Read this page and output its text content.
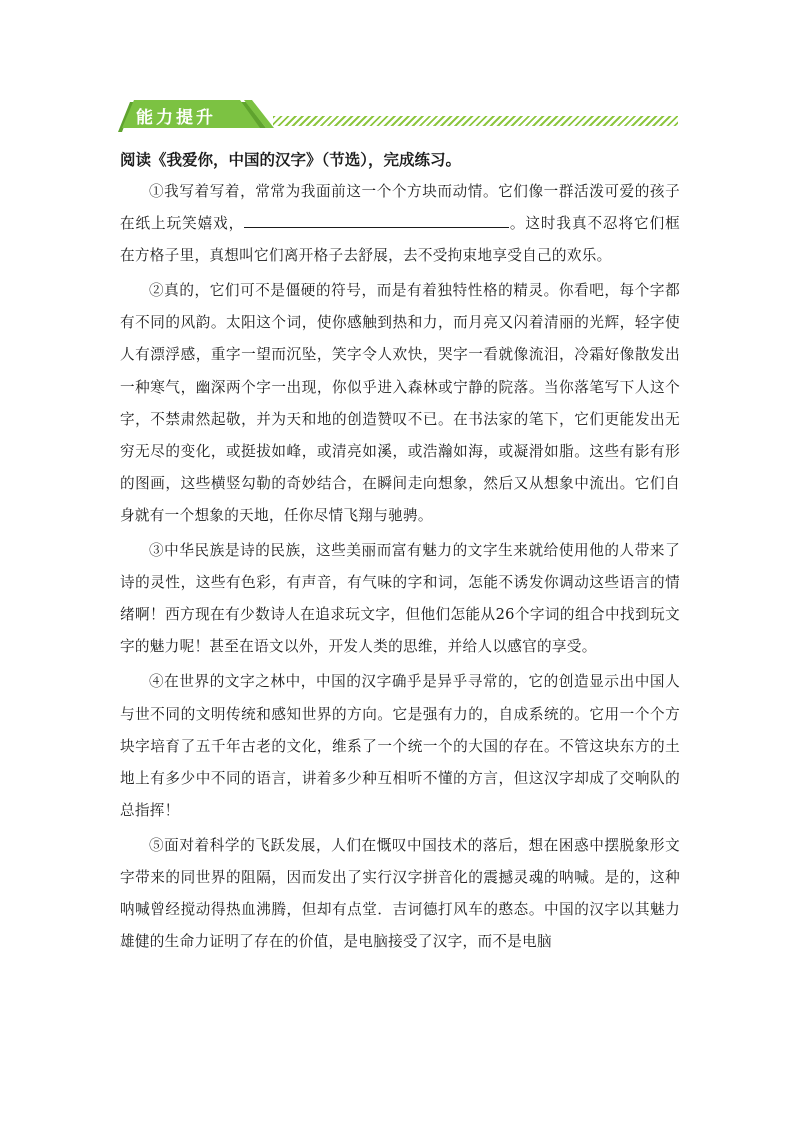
能力提升
阅读《我爱你，中国的汉字》（节选），完成练习。

①我写着写着，常常为我面前这一个个方块而动情。它们像一群活泼可爱的孩子在纸上玩笑嬉戏，	。这时我真不忍将它们框在方格子里，真想叫它们离开格子去舒展，去不受拘束地享受自己的欢乐。

②真的，它们可不是僵硬的符号，而是有着独特性格的精灵。你看吧，每个字都有不同的风韵。太阳这个词，使你感触到热和力，而月亮又闪着清丽的光辉，轻字使人有漂浮感，重字一望而沉坠，笑字令人欢快，哭字一看就像流泪，冷霜好像散发出一种寒气，幽深两个字一出现，你似乎进入森林或宁静的院落。当你落笔写下人这个字，不禁肃然起敬，并为天和地的创造赞叹不已。在书法家的笔下，它们更能发出无穷无尽的变化，或挺拔如峰，或清亮如溪，或浩瀚如海，或凝滑如脂。这些有影有形的图画，这些横竖勾勒的奇妙结合，在瞬间走向想象，然后又从想象中流出。它们自身就有一个想象的天地，任你尽情飞翔与驰骋。

③中华民族是诗的民族，这些美丽而富有魅力的文字生来就给使用他的人带来了诗的灵性，这些有色彩，有声音，有气味的字和词，怎能不诱发你调动这些语言的情绪啊！西方现在有少数诗人在追求玩文字，但他们怎能从26个字词的组合中找到玩文字的魅力呢！甚至在语文以外，开发人类的思维，并给人以感官的享受。

④在世界的文字之林中，中国的汉字确乎是异乎寻常的，它的创造显示出中国人与世不同的文明传统和感知世界的方向。它是强有力的，自成系统的。它用一个个方块字培育了五千年古老的文化，维系了一个统一个的大国的存在。不管这块东方的土地上有多少中不同的语言，讲着多少种互相听不懂的方言，但这汉字却成了交响队的总指挥！

⑤面对着科学的飞跃发展，人们在慨叹中国技术的落后，想在困惑中摆脱象形文字带来的同世界的阻隔，因而发出了实行汉字拼音化的震撼灵魂的呐喊。是的，这种呐喊曾经搅动得热血沸腾，但却有点堂．吉诃德打风车的憨态。中国的汉字以其魅力雄健的生命力证明了存在的价值，是电脑接受了汉字，而不是电脑
